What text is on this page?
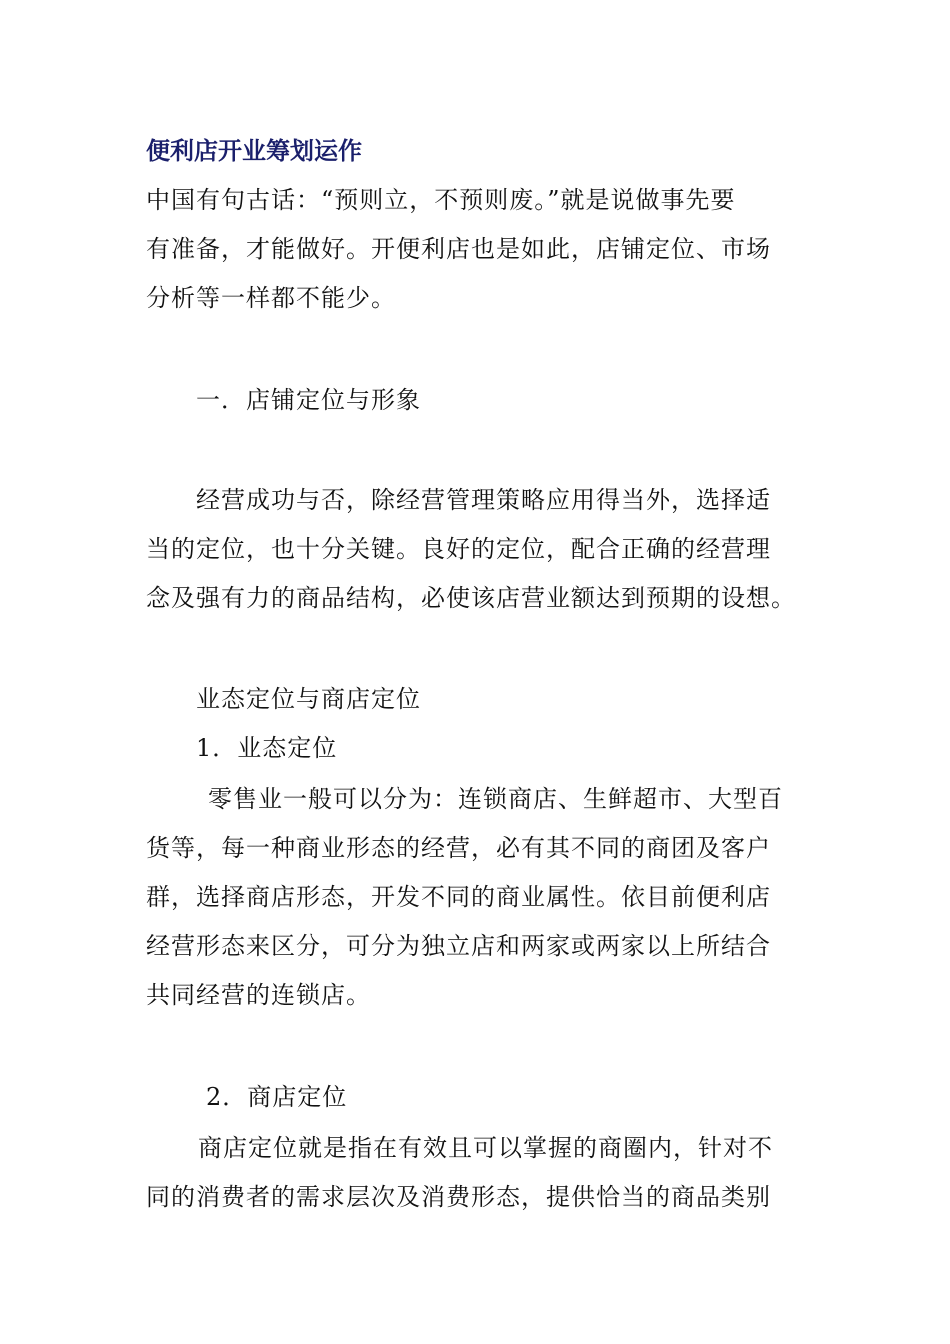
便利店开业筹划运作
中国有句古话：“预则立，不预则废。”就是说做事先要
有准备，才能做好。开便利店也是如此，店铺定位、市场
分析等一样都不能少。
一．店铺定位与形象
经营成功与否，除经营管理策略应用得当外，选择适
当的定位，也十分关键。良好的定位，配合正确的经营理
念及强有力的商品结构，必使该店营业额达到预期的设想。
业态定位与商店定位
1．业态定位
零售业一般可以分为：连锁商店、生鲜超市、大型百
货等，每一种商业形态的经营，必有其不同的商团及客户
群，选择商店形态，开发不同的商业属性。依目前便利店
经营形态来区分，可分为独立店和两家或两家以上所结合
共同经营的连锁店。
2．商店定位
商店定位就是指在有效且可以掌握的商圈内，针对不
同的消费者的需求层次及消费形态，提供恰当的商品类别
